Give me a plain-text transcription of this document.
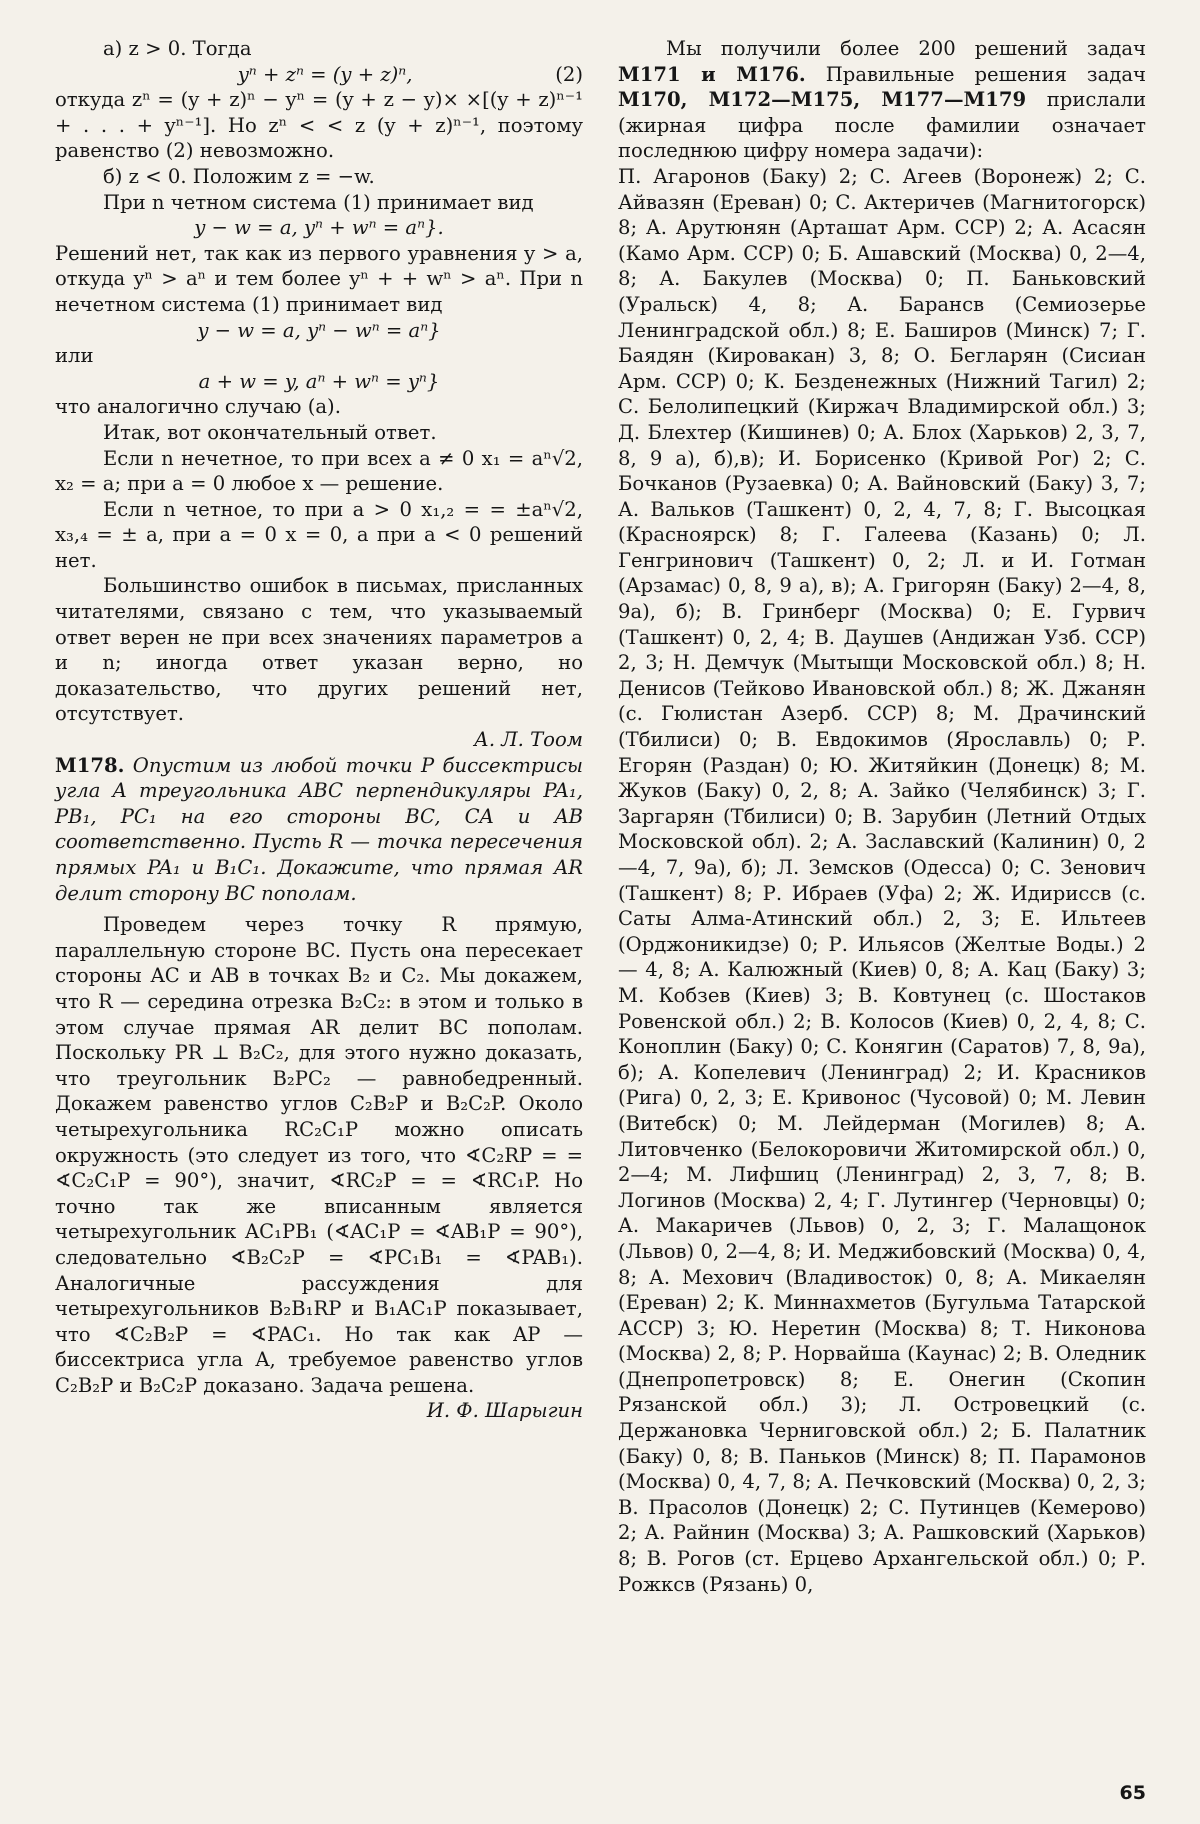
а) z > 0. Тогда

yⁿ + zⁿ = (y + z)ⁿ,	(2)

откуда zⁿ = (y + z)ⁿ − yⁿ = (y + z − y)× ×[(y + z)ⁿ⁻¹ + . . . + yⁿ⁻¹]. Но zⁿ < < z (y + z)ⁿ⁻¹, поэтому равенство (2) невозможно.

б) z < 0. Положим z = −w.

При n четном система (1) принимает вид

y − w = a, yⁿ + wⁿ = aⁿ}.

Решений нет, так как из первого уравнения y > a, откуда yⁿ > aⁿ и тем более yⁿ + + wⁿ > aⁿ. При n нечетном система (1) принимает вид

y − w = a, yⁿ − wⁿ = aⁿ}

или

a + w = y, aⁿ + wⁿ = yⁿ}

что аналогично случаю (а).

Итак, вот окончательный ответ.

Если n нечетное, то при всех a ≠ 0 x₁ = aⁿ√2, x₂ = a; при a = 0 любое x — решение.

Если n четное, то при a > 0 x₁,₂ = = ±aⁿ√2, x₃,₄ = ± a, при a = 0 x = 0, а при a < 0 решений нет.

Большинство ошибок в письмах, присланных читателями, связано с тем, что указываемый ответ верен не при всех значениях параметров a и n; иногда ответ указан верно, но доказательство, что других решений нет, отсутствует.

А. Л. Тоом

М178. Опустим из любой точки P биссектрисы угла A треугольника ABC перпендикуляры PA₁, PB₁, PC₁ на его стороны BC, CA и AB соответственно. Пусть R — точка пересечения прямых PA₁ и B₁C₁. Докажите, что прямая AR делит сторону BC пополам.

Проведем через точку R прямую, параллельную стороне BC. Пусть она пересекает стороны AC и AB в точках B₂ и C₂. Мы докажем, что R — середина отрезка B₂C₂: в этом и только в этом случае прямая AR делит BC пополам. Поскольку PR ⊥ B₂C₂, для этого нужно доказать, что треугольник B₂PC₂ — равнобедренный. Докажем равенство углов C₂B₂P и B₂C₂P. Около четырехугольника RC₂C₁P можно описать окружность (это следует из того, что ∢C₂RP = = ∢C₂C₁P = 90°), значит, ∢RC₂P = = ∢RC₁P. Но точно так же вписанным является четырехугольник AC₁PB₁ (∢AC₁P = ∢AB₁P = 90°), следовательно ∢B₂C₂P = ∢PC₁B₁ = ∢PAB₁). Аналогичные рассуждения для четырехугольников B₂B₁RP и B₁AC₁P показывает, что ∢C₂B₂P = ∢PAC₁. Но так как AP — биссектриса угла A, требуемое равенство углов C₂B₂P и B₂C₂P доказано. Задача решена.

И. Ф. Шарыгин

Мы получили более 200 решений задач М171 и М176. Правильные решения задач М170, М172—М175, М177—М179 прислали (жирная цифра после фамилии означает последнюю цифру номера задачи):

П. Агаронов (Баку) 2; С. Агеев (Воронеж) 2; С. Айвазян (Ереван) 0; С. Актеричев (Магнитогорск) 8; А. Арутюнян (Арташат Арм. ССР) 2; А. Асасян (Камо Арм. ССР) 0; Б. Ашавский (Москва) 0, 2—4, 8; А. Бакулев (Москва) 0; П. Баньковский (Уральск) 4, 8; А. Барансв (Семиозерье Ленинградской обл.) 8; Е. Баширов (Минск) 7; Г. Баядян (Кировакан) 3, 8; О. Бегларян (Сисиан Арм. ССР) 0; К. Безденежных (Нижний Тагил) 2; С. Белолипецкий (Киржач Владимирской обл.) 3; Д. Блехтер (Кишинев) 0; А. Блох (Харьков) 2, 3, 7, 8, 9 а), б),в); И. Борисенко (Кривой Рог) 2; С. Бочканов (Рузаевка) 0; А. Вайновский (Баку) 3, 7; А. Вальков (Ташкент) 0, 2, 4, 7, 8; Г. Высоцкая (Красноярск) 8; Г. Галеева (Казань) 0; Л. Генгринович (Ташкент) 0, 2; Л. и И. Готман (Арзамас) 0, 8, 9 а), в); А. Григорян (Баку) 2—4, 8, 9а), б); В. Гринберг (Москва) 0; Е. Гурвич (Ташкент) 0, 2, 4; В. Даушев (Андижан Узб. ССР) 2, 3; Н. Демчук (Мытыщи Московской обл.) 8; Н. Денисов (Тейково Ивановской обл.) 8; Ж. Джанян (с. Гюлистан Азерб. ССР) 8; М. Драчинский (Тбилиси) 0; В. Евдокимов (Ярославль) 0; Р. Егорян (Раздан) 0; Ю. Житяйкин (Донецк) 8; М. Жуков (Баку) 0, 2, 8; А. Зайко (Челябинск) 3; Г. Заргарян (Тбилиси) 0; В. Зарубин (Летний Отдых Московской обл). 2; А. Заславский (Калинин) 0, 2—4, 7, 9а), б); Л. Земсков (Одесса) 0; С. Зенович (Ташкент) 8; Р. Ибраев (Уфа) 2; Ж. Идириссв (с. Саты Алма-Атинский обл.) 2, 3; Е. Ильтеев (Орджоникидзе) 0; Р. Ильясов (Желтые Воды.) 2 — 4, 8; А. Калюжный (Киев) 0, 8; А. Кац (Баку) 3; М. Кобзев (Киев) 3; В. Ковтунец (с. Шостаков Ровенской обл.) 2; В. Колосов (Киев) 0, 2, 4, 8; С. Коноплин (Баку) 0; С. Конягин (Саратов) 7, 8, 9а), б); А. Копелевич (Ленинград) 2; И. Красников (Рига) 0, 2, 3; Е. Кривонос (Чусовой) 0; М. Левин (Витебск) 0; М. Лейдерман (Могилев) 8; А. Литовченко (Белокоровичи Житомирской обл.) 0, 2—4; М. Лифшиц (Ленинград) 2, 3, 7, 8; В. Логинов (Москва) 2, 4; Г. Лутингер (Черновцы) 0; А. Макаричев (Львов) 0, 2, 3; Г. Малащонок (Львов) 0, 2—4, 8; И. Меджибовский (Москва) 0, 4, 8; А. Мехович (Владивосток) 0, 8; А. Микаелян (Ереван) 2; К. Миннахметов (Бугульма Татарской АССР) 3; Ю. Неретин (Москва) 8; Т. Никонова (Москва) 2, 8; Р. Норвайша (Каунас) 2; В. Оледник (Днепропетровск) 8; Е. Онегин (Скопин Рязанской обл.) 3); Л. Островецкий (с. Держановка Черниговской обл.) 2; Б. Палатник (Баку) 0, 8; В. Паньков (Минск) 8; П. Парамонов (Москва) 0, 4, 7, 8; А. Печковский (Москва) 0, 2, 3; В. Прасолов (Донецк) 2; С. Путинцев (Кемерово) 2; А. Райнин (Москва) 3; А. Рашковский (Харьков) 8; В. Рогов (ст. Ерцево Архангельской обл.) 0; Р. Рожксв (Рязань) 0,

65
